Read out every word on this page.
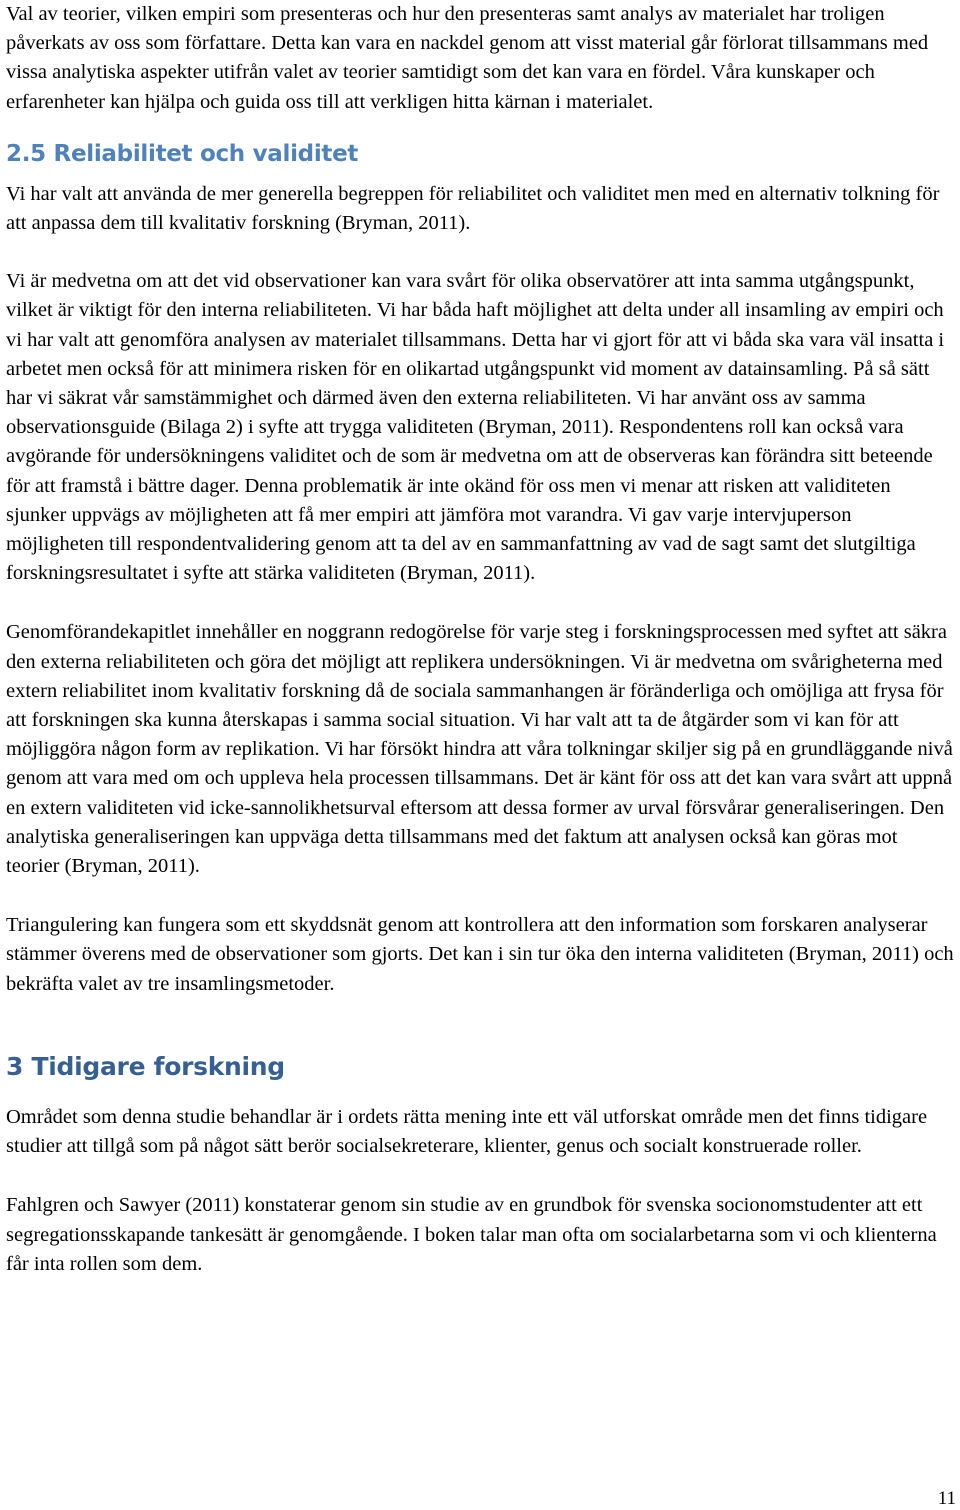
Val av teorier, vilken empiri som presenteras och hur den presenteras samt analys av materialet har troligen påverkats av oss som författare. Detta kan vara en nackdel genom att visst material går förlorat tillsammans med vissa analytiska aspekter utifrån valet av teorier samtidigt som det kan vara en fördel. Våra kunskaper och erfarenheter kan hjälpa och guida oss till att verkligen hitta kärnan i materialet.

2.5 Reliabilitet och validitet

Vi har valt att använda de mer generella begreppen för reliabilitet och validitet men med en alternativ tolkning för att anpassa dem till kvalitativ forskning (Bryman, 2011).

Vi är medvetna om att det vid observationer kan vara svårt för olika observatörer att inta samma utgångspunkt, vilket är viktigt för den interna reliabiliteten. Vi har båda haft möjlighet att delta under all insamling av empiri och vi har valt att genomföra analysen av materialet tillsammans. Detta har vi gjort för att vi båda ska vara väl insatta i arbetet men också för att minimera risken för en olikartad utgångspunkt vid moment av datainsamling. På så sätt har vi säkrat vår samstämmighet och därmed även den externa reliabiliteten. Vi har använt oss av samma observationsguide (Bilaga 2) i syfte att trygga validiteten (Bryman, 2011). Respondentens roll kan också vara avgörande för undersökningens validitet och de som är medvetna om att de observeras kan förändra sitt beteende för att framstå i bättre dager. Denna problematik är inte okänd för oss men vi menar att risken att validiteten sjunker uppvägs av möjligheten att få mer empiri att jämföra mot varandra. Vi gav varje intervjuperson möjligheten till respondentvalidering genom att ta del av en sammanfattning av vad de sagt samt det slutgiltiga forskningsresultatet i syfte att stärka validiteten (Bryman, 2011).

Genomförandekapitlet innehåller en noggrann redogörelse för varje steg i forskningsprocessen med syftet att säkra den externa reliabiliteten och göra det möjligt att replikera undersökningen. Vi är medvetna om svårigheterna med extern reliabilitet inom kvalitativ forskning då de sociala sammanhangen är föränderliga och omöjliga att frysa för att forskningen ska kunna återskapas i samma social situation. Vi har valt att ta de åtgärder som vi kan för att möjliggöra någon form av replikation. Vi har försökt hindra att våra tolkningar skiljer sig på en grundläggande nivå genom att vara med om och uppleva hela processen tillsammans. Det är känt för oss att det kan vara svårt att uppnå en extern validiteten vid icke-sannolikhetsurval eftersom att dessa former av urval försvårar generaliseringen. Den analytiska generaliseringen kan uppväga detta tillsammans med det faktum att analysen också kan göras mot teorier (Bryman, 2011).

Triangulering kan fungera som ett skyddsnät genom att kontrollera att den information som forskaren analyserar stämmer överens med de observationer som gjorts. Det kan i sin tur öka den interna validiteten (Bryman, 2011) och bekräfta valet av tre insamlingsmetoder.

3 Tidigare forskning

Området som denna studie behandlar är i ordets rätta mening inte ett väl utforskat område men det finns tidigare studier att tillgå som på något sätt berör socialsekreterare, klienter, genus och socialt konstruerade roller.

Fahlgren och Sawyer (2011) konstaterar genom sin studie av en grundbok för svenska socionomstudenter att ett segregationsskapande tankesätt är genomgående. I boken talar man ofta om socialarbetarna som vi och klienterna får inta rollen som dem.

11
